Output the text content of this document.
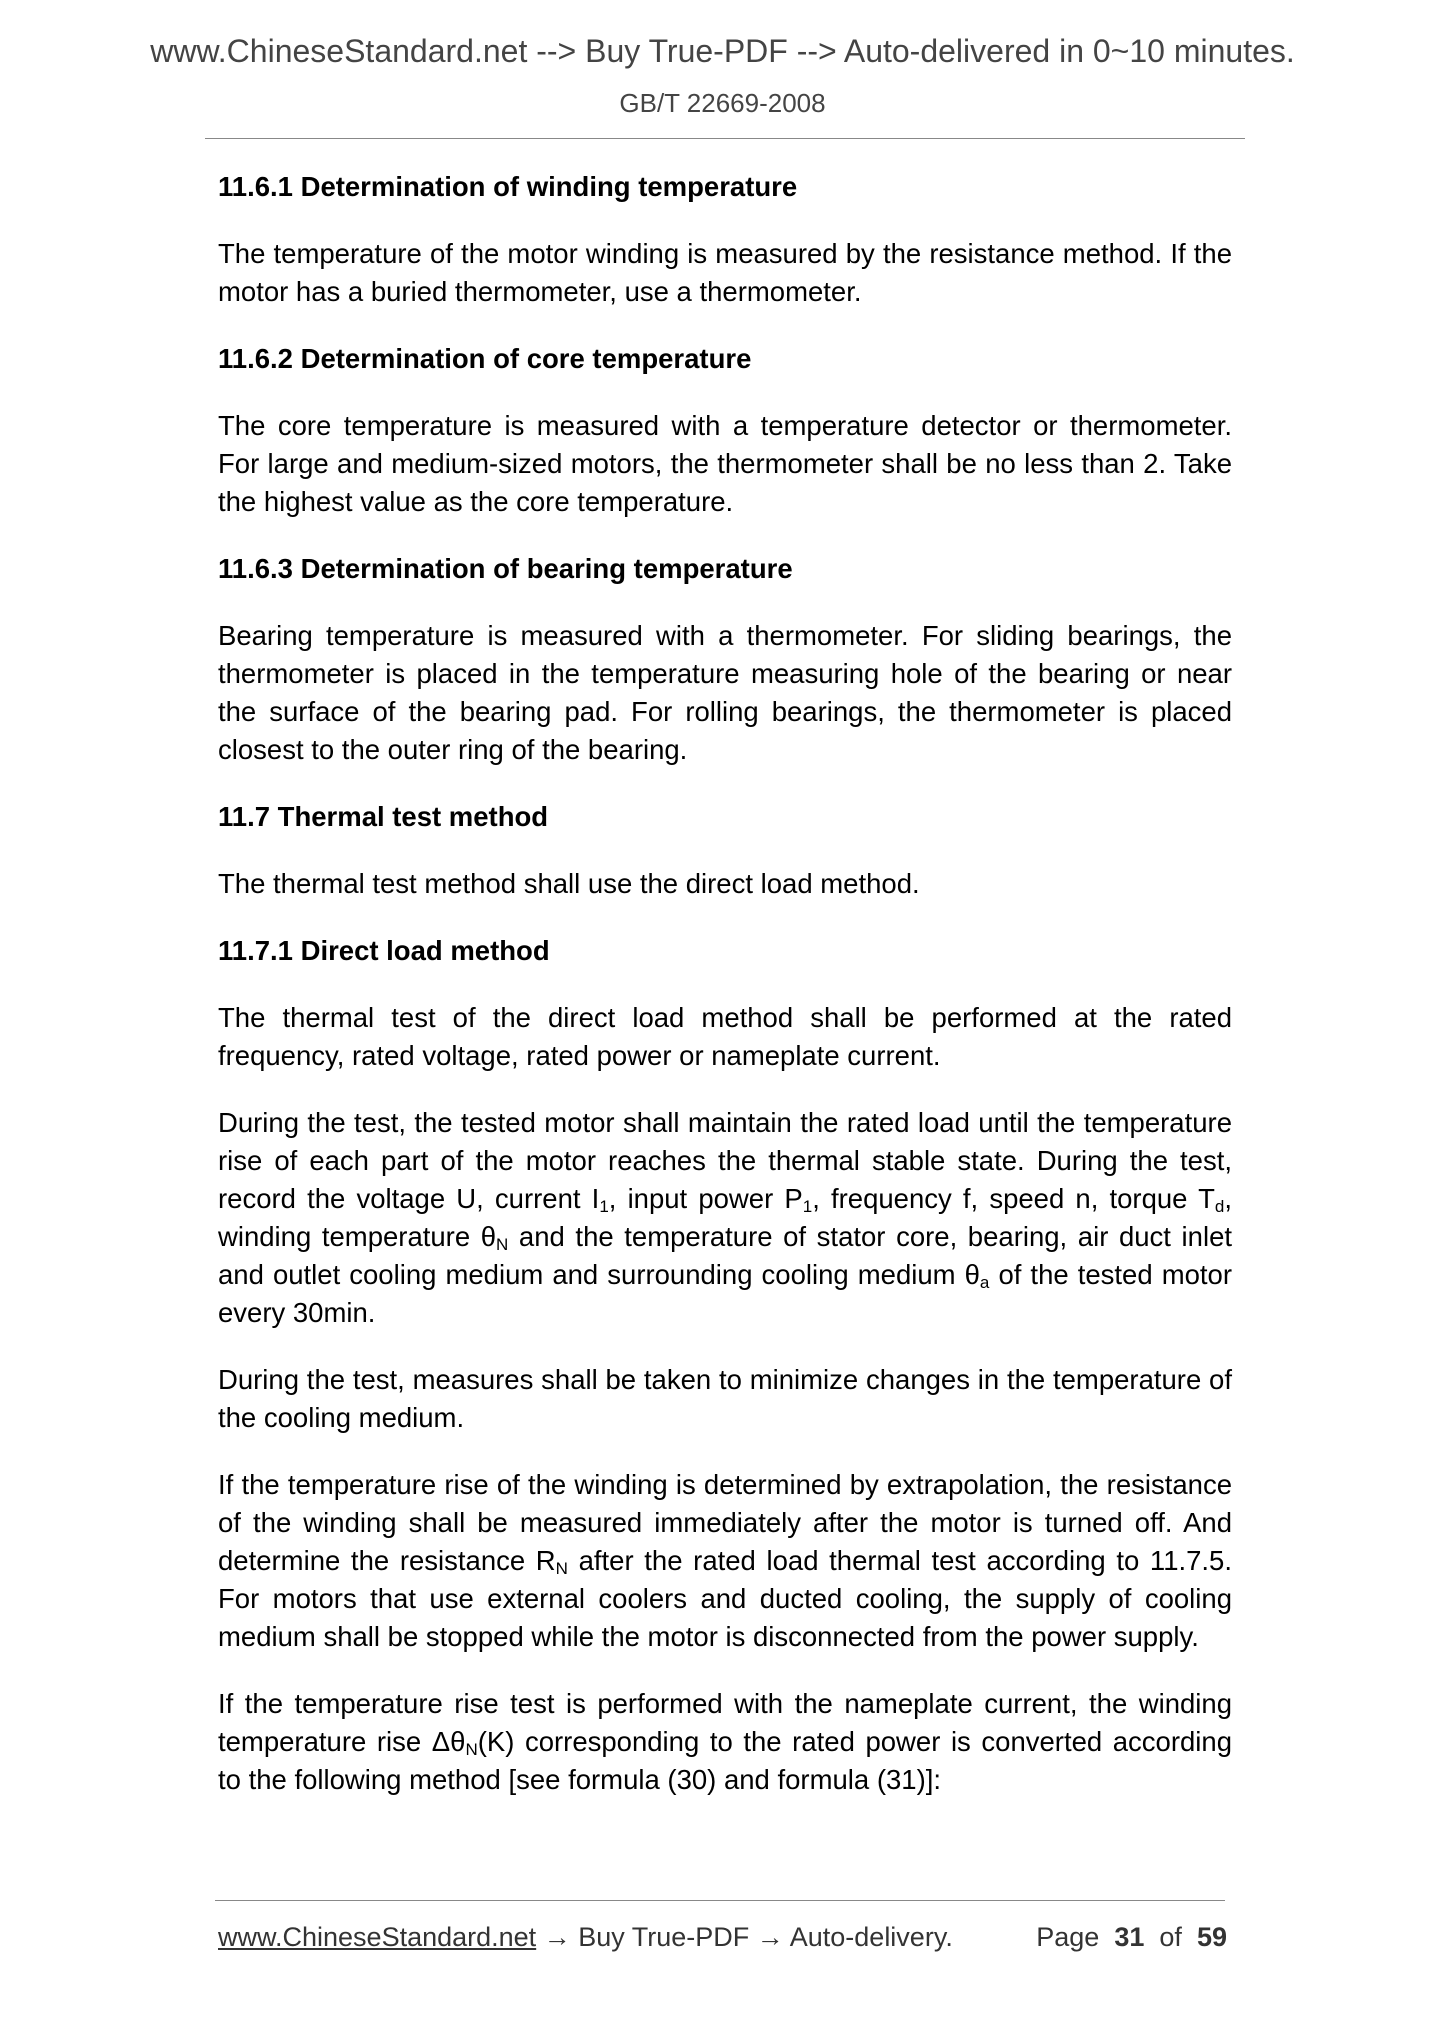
www.ChineseStandard.net --> Buy True-PDF --> Auto-delivered in 0~10 minutes.
GB/T 22669-2008
11.6.1 Determination of winding temperature
The temperature of the motor winding is measured by the resistance method. If the motor has a buried thermometer, use a thermometer.
11.6.2 Determination of core temperature
The core temperature is measured with a temperature detector or thermometer. For large and medium-sized motors, the thermometer shall be no less than 2. Take the highest value as the core temperature.
11.6.3 Determination of bearing temperature
Bearing temperature is measured with a thermometer. For sliding bearings, the thermometer is placed in the temperature measuring hole of the bearing or near the surface of the bearing pad. For rolling bearings, the thermometer is placed closest to the outer ring of the bearing.
11.7 Thermal test method
The thermal test method shall use the direct load method.
11.7.1 Direct load method
The thermal test of the direct load method shall be performed at the rated frequency, rated voltage, rated power or nameplate current.
During the test, the tested motor shall maintain the rated load until the temperature rise of each part of the motor reaches the thermal stable state. During the test, record the voltage U, current $I_1$, input power $P_1$, frequency f, speed n, torque $T_d$, winding temperature $\theta_N$ and the temperature of stator core, bearing, air duct inlet and outlet cooling medium and surrounding cooling medium $\theta_a$ of the tested motor every 30min.
During the test, measures shall be taken to minimize changes in the temperature of the cooling medium.
If the temperature rise of the winding is determined by extrapolation, the resistance of the winding shall be measured immediately after the motor is turned off. And determine the resistance $R_N$ after the rated load thermal test according to 11.7.5. For motors that use external coolers and ducted cooling, the supply of cooling medium shall be stopped while the motor is disconnected from the power supply.
If the temperature rise test is performed with the nameplate current, the winding temperature rise $\Delta\theta_N(K)$ corresponding to the rated power is converted according to the following method [see formula (30) and formula (31)]:
www.ChineseStandard.net → Buy True-PDF → Auto-delivery.	Page 31 of 59
